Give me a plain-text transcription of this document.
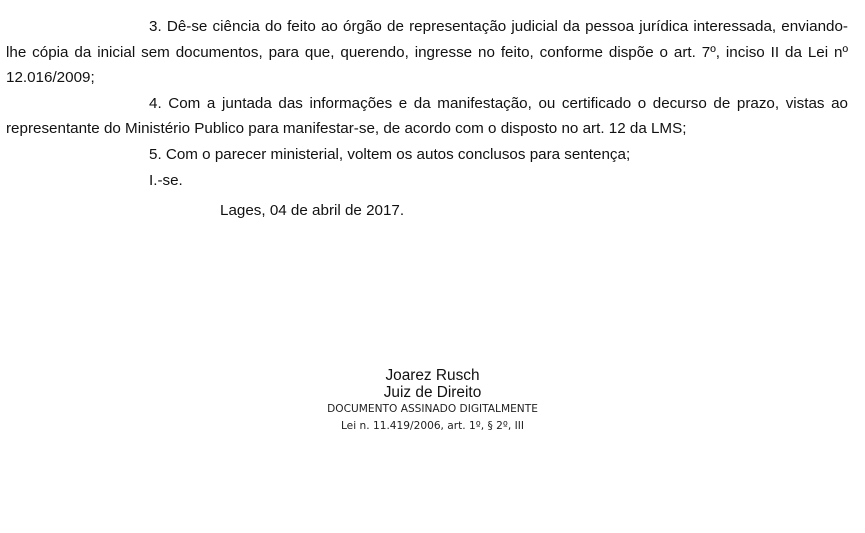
3. Dê-se ciência do feito ao órgão de representação judicial da pessoa jurídica interessada, enviando-lhe cópia da inicial sem documentos, para que, querendo, ingresse no feito, conforme dispõe o art. 7º, inciso II da Lei nº 12.016/2009;

4. Com a juntada das informações e da manifestação, ou certificado o decurso de prazo, vistas ao representante do Ministério Publico para manifestar-se, de acordo com o disposto no art. 12 da LMS;

5. Com o parecer ministerial, voltem os autos conclusos para sentença;

I.-se.

Lages, 04 de abril de 2017.

Joarez Rusch
Juiz de Direito
DOCUMENTO ASSINADO DIGITALMENTE
Lei n. 11.419/2006, art. 1º, § 2º, III
